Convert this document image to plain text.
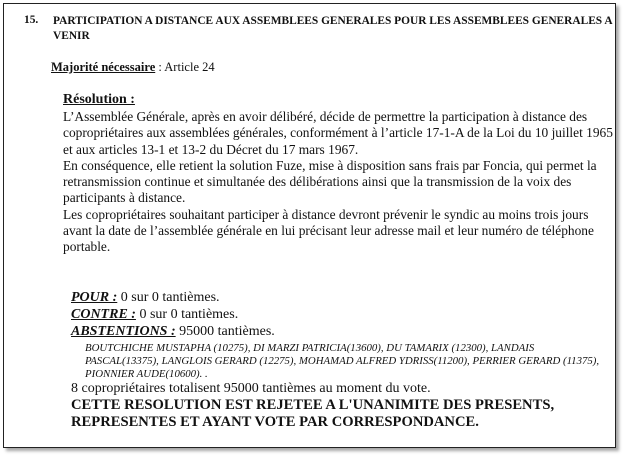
15. PARTICIPATION A DISTANCE AUX ASSEMBLEES GENERALES POUR LES ASSEMBLEES GENERALES A VENIR
Majorité nécessaire : Article 24
Résolution :

L’Assemblée Générale, après en avoir délibéré, décide de permettre la participation à distance des copropriétaires aux assemblées générales, conformément à l’article 17-1-A de la Loi du 10 juillet 1965 et aux articles 13-1 et 13-2 du Décret du 17 mars 1967.

En conséquence, elle retient la solution Fuze, mise à disposition sans frais par Foncia, qui permet la retransmission continue et simultanée des délibérations ainsi que la transmission de la voix des participants à distance.

Les copropriétaires souhaitant participer à distance devront prévenir le syndic au moins trois jours avant la date de l’assemblée générale en lui précisant leur adresse mail et leur numéro de téléphone portable.

POUR : 0 sur 0 tantièmes.
CONTRE : 0 sur 0 tantièmes.
ABSTENTIONS : 95000 tantièmes.
BOUTCHICHE MUSTAPHA (10275), DI MARZI PATRICIA(13600), DU TAMARIX (12300), LANDAIS PASCAL(13375), LANGLOIS GERARD (12275), MOHAMAD ALFRED YDRISS(11200), PERRIER GERARD (11375), PIONNIER AUDE(10600). .
8 copropriétaires totalisent 95000 tantièmes au moment du vote.
CETTE RESOLUTION EST REJETEE A L'UNANIMITE DES PRESENTS, REPRESENTES ET AYANT VOTE PAR CORRESPONDANCE.
